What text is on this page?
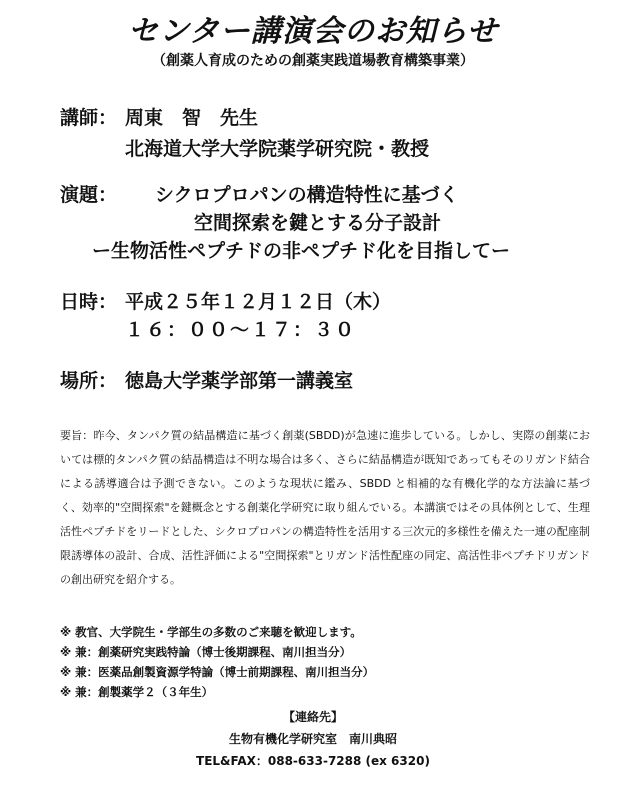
センター講演会のお知らせ
（創薬人育成のための創薬実践道場教育構築事業）
講師： 周東　智　先生
北海道大学大学院薬学研究院・教授
演題： シクロプロパンの構造特性に基づく
空間探索を鍵とする分子設計
ー生物活性ペプチドの非ペプチド化を目指してー
日時： 平成２５年１２月１２日（木）
１６：００～１７：３０
場所： 徳島大学薬学部第一講義室
要旨：昨今、タンパク質の結晶構造に基づく創薬(SBDD)が急速に進歩している。しかし、実際の創薬においては標的タンパク質の結晶構造は不明な場合は多く、さらに結晶構造が既知であってもそのリガンド結合による誘導適合は予測できない。このような現状に鑑み、SBDD と相補的な有機化学的な方法論に基づく、効率的"空間探索"を鍵概念とする創薬化学研究に取り組んでいる。本講演ではその具体例として、生理活性ペプチドをリードとした、シクロプロパンの構造特性を活用する三次元的多様性を備えた一連の配座制限誘導体の設計、合成、活性評価による"空間探索"とリガンド活性配座の同定、高活性非ペプチドリガンドの創出研究を紹介する。
※ 教官、大学院生・学部生の多数のご来聴を歓迎します。
※ 兼：創薬研究実践特論（博士後期課程、南川担当分）
※ 兼：医薬品創製資源学特論（博士前期課程、南川担当分）
※ 兼：創製薬学２（３年生）
【連絡先】
生物有機化学研究室　南川典昭
TEL&FAX：088-633-7288 (ex 6320)
